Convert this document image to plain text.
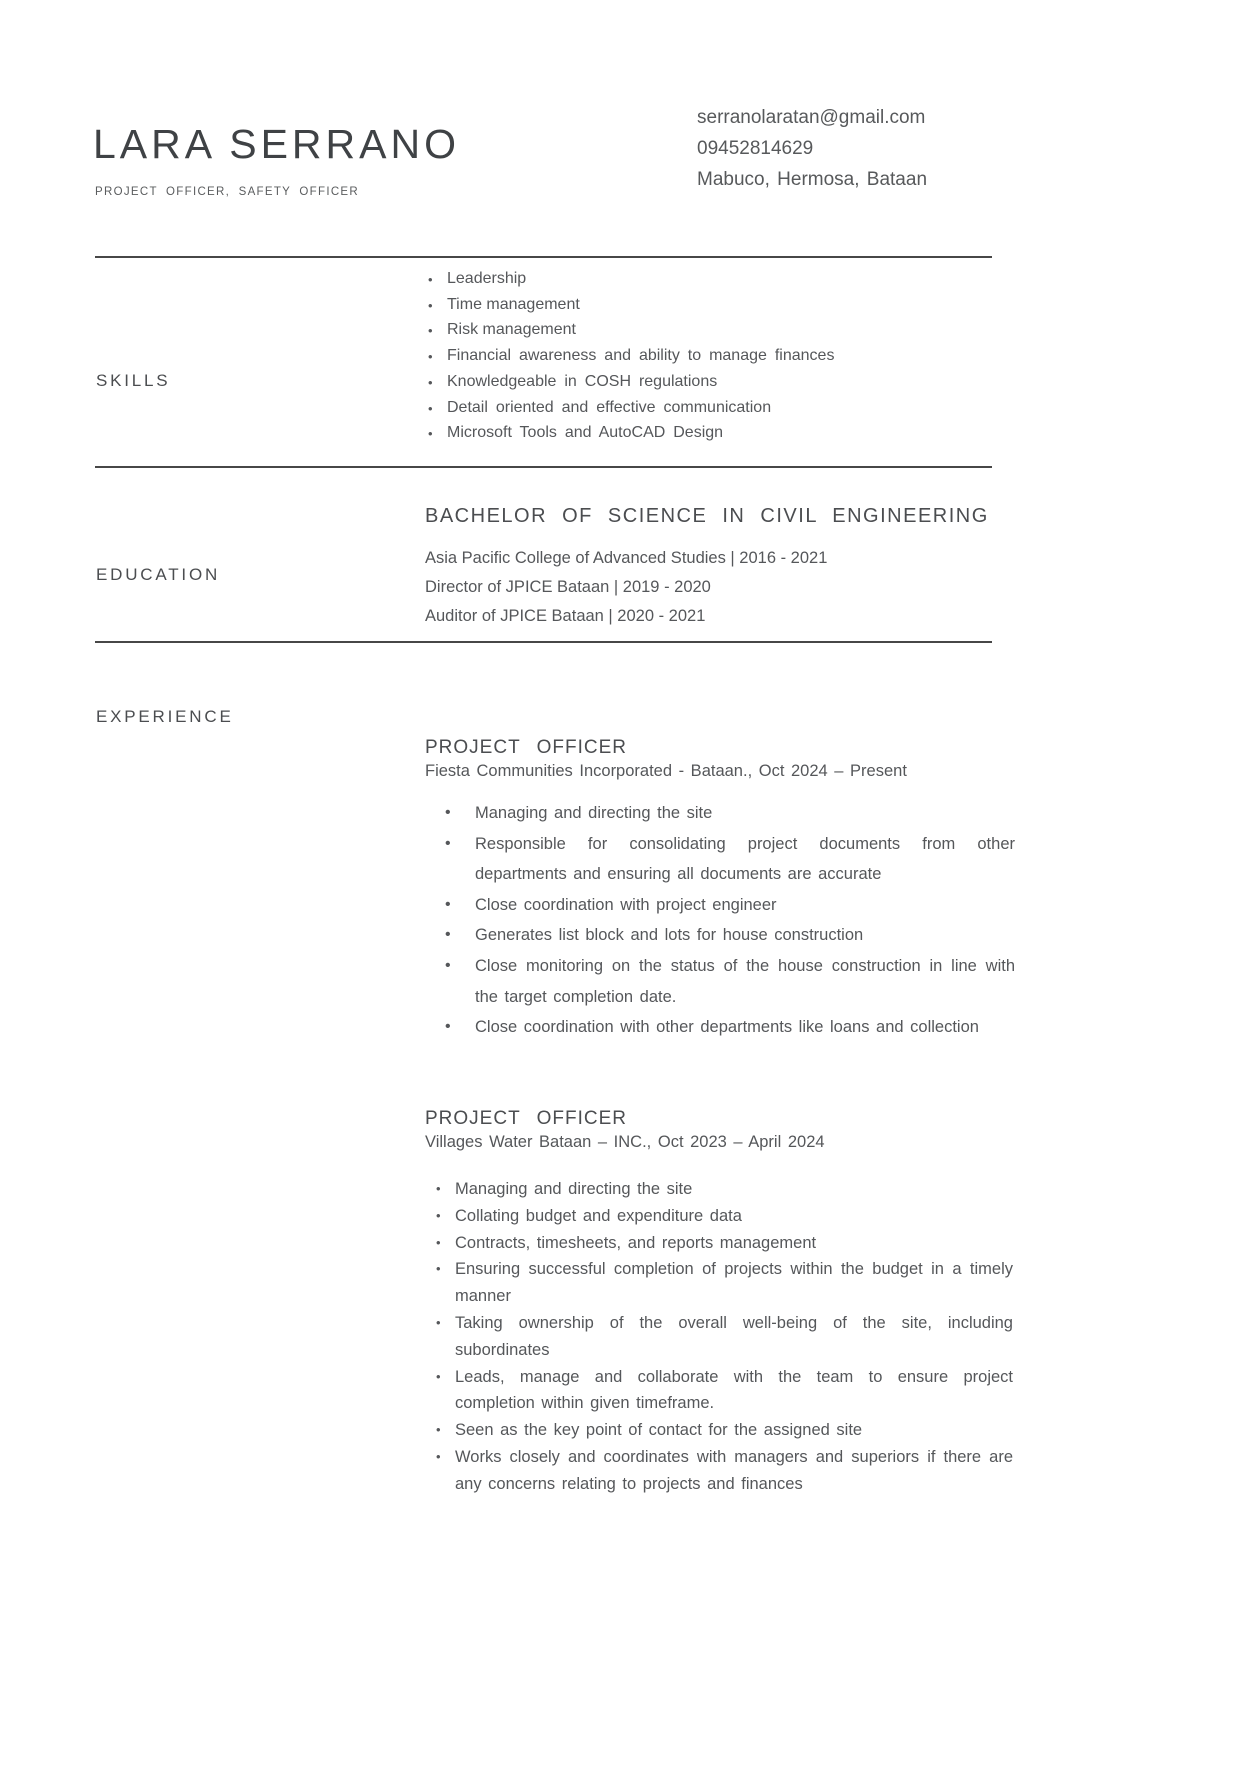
LARA SERRANO
PROJECT OFFICER, SAFETY OFFICER
serranolaratan@gmail.com
09452814629
Mabuco, Hermosa, Bataan
SKILLS
• Leadership
• Time management
• Risk management
• Financial awareness and ability to manage finances
• Knowledgeable in COSH regulations
• Detail oriented and effective communication
• Microsoft Tools and AutoCAD Design
EDUCATION
BACHELOR OF SCIENCE IN CIVIL ENGINEERING
Asia Pacific College of Advanced Studies | 2016 - 2021
Director of JPICE Bataan | 2019 - 2020
Auditor of JPICE Bataan | 2020 - 2021
EXPERIENCE
PROJECT OFFICER
Fiesta Communities Incorporated - Bataan., Oct 2024 – Present
• Managing and directing the site
• Responsible for consolidating project documents from other departments and ensuring all documents are accurate
• Close coordination with project engineer
• Generates list block and lots for house construction
• Close monitoring on the status of the house construction in line with the target completion date.
• Close coordination with other departments like loans and collection
PROJECT OFFICER
Villages Water Bataan – INC., Oct 2023 – April 2024
• Managing and directing the site
• Collating budget and expenditure data
• Contracts, timesheets, and reports management
• Ensuring successful completion of projects within the budget in a timely manner
• Taking ownership of the overall well-being of the site, including subordinates
• Leads, manage and collaborate with the team to ensure project completion within given timeframe.
• Seen as the key point of contact for the assigned site
• Works closely and coordinates with managers and superiors if there are any concerns relating to projects and finances
